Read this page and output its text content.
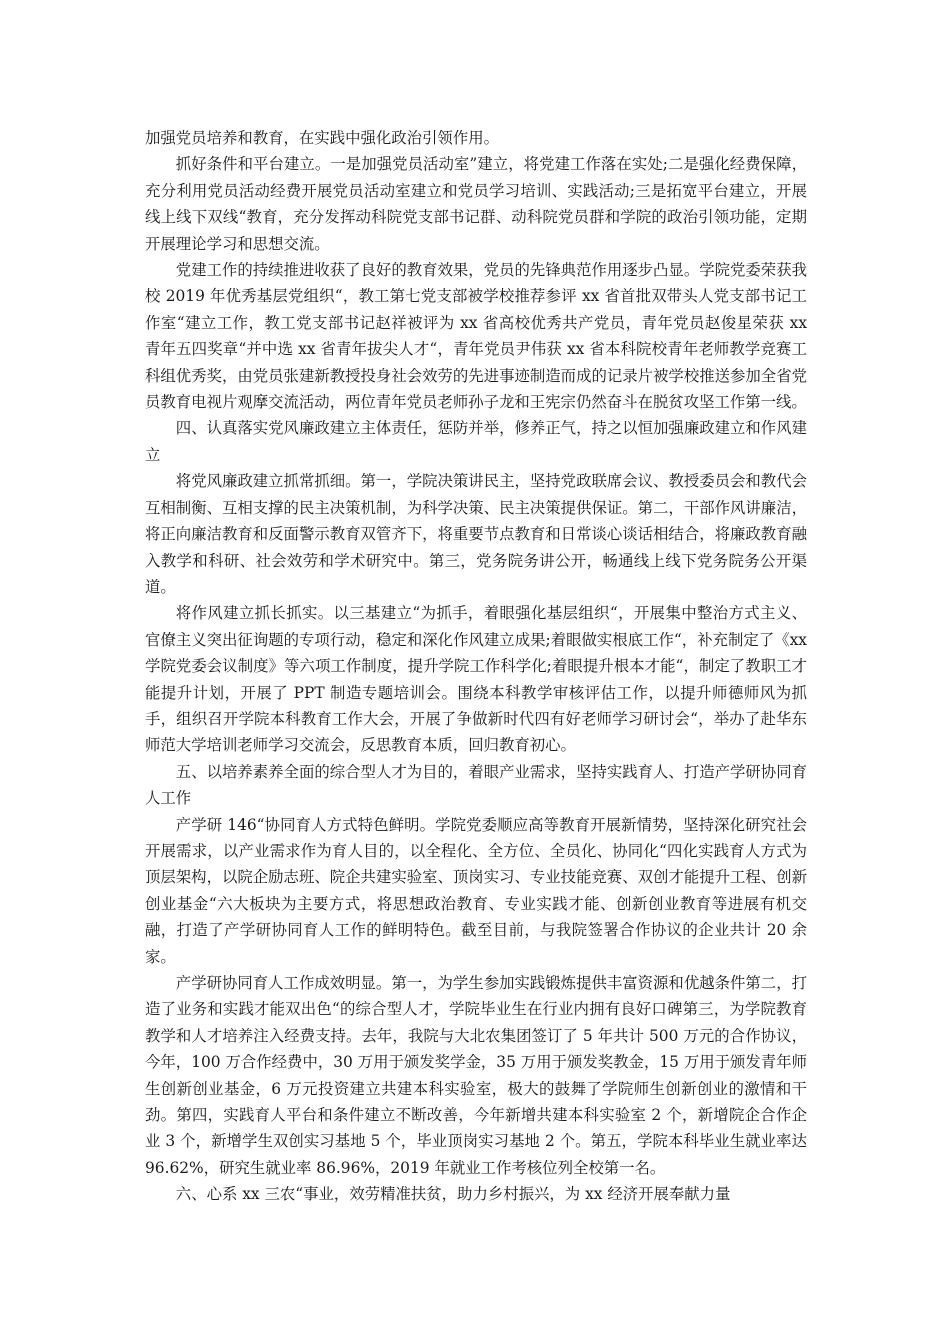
加强党员培养和教育，在实践中强化政治引领作用。

抓好条件和平台建立。一是加强党员活动室”建立，将党建工作落在实处;二是强化经费保障，充分利用党员活动经费开展党员活动室建立和党员学习培训、实践活动;三是拓宽平台建立，开展线上线下双线“教育，充分发挥动科院党支部书记群、动科院党员群和学院的政治引领功能，定期开展理论学习和思想交流。

党建工作的持续推进收获了良好的教育效果，党员的先锋典范作用逐步凸显。学院党委荣获我校 2019 年优秀基层党组织“，教工第七党支部被学校推荐参评 xx 省首批双带头人党支部书记工作室“建立工作，教工党支部书记赵祥被评为 xx 省高校优秀共产党员，青年党员赵俊星荣获 xx 青年五四奖章“并中选 xx 省青年拔尖人才“，青年党员尹伟获 xx 省本科院校青年老师教学竞赛工科组优秀奖，由党员张建新教授投身社会效劳的先进事迹制造而成的记录片被学校推送参加全省党员教育电视片观摩交流活动，两位青年党员老师孙子龙和王宪宗仍然奋斗在脱贫攻坚工作第一线。

四、认真落实党风廉政建立主体责任，惩防并举，修养正气，持之以恒加强廉政建立和作风建立

将党风廉政建立抓常抓细。第一，学院决策讲民主，坚持党政联席会议、教授委员会和教代会互相制衡、互相支撑的民主决策机制，为科学决策、民主决策提供保证。第二，干部作风讲廉洁，将正向廉洁教育和反面警示教育双管齐下，将重要节点教育和日常谈心谈话相结合，将廉政教育融入教学和科研、社会效劳和学术研究中。第三，党务院务讲公开，畅通线上线下党务院务公开渠道。

将作风建立抓长抓实。以三基建立“为抓手，着眼强化基层组织“，开展集中整治方式主义、官僚主义突出征询题的专项行动，稳定和深化作风建立成果;着眼做实根底工作“，补充制定了《xx 学院党委会议制度》等六项工作制度，提升学院工作科学化;着眼提升根本才能“，制定了教职工才能提升计划，开展了 PPT 制造专题培训会。围绕本科教学审核评估工作，以提升师德师风为抓手，组织召开学院本科教育工作大会，开展了争做新时代四有好老师学习研讨会“，举办了赴华东师范大学培训老师学习交流会，反思教育本质，回归教育初心。

五、以培养素养全面的综合型人才为目的，着眼产业需求，坚持实践育人、打造产学研协同育人工作

产学研 146“协同育人方式特色鲜明。学院党委顺应高等教育开展新情势，坚持深化研究社会开展需求，以产业需求作为育人目的，以全程化、全方位、全员化、协同化“四化实践育人方式为顶层架构，以院企励志班、院企共建实验室、顶岗实习、专业技能竞赛、双创才能提升工程、创新创业基金“六大板块为主要方式，将思想政治教育、专业实践才能、创新创业教育等进展有机交融，打造了产学研协同育人工作的鲜明特色。截至目前，与我院签署合作协议的企业共计 20 余家。

产学研协同育人工作成效明显。第一，为学生参加实践锻炼提供丰富资源和优越条件第二，打造了业务和实践才能双出色“的综合型人才，学院毕业生在行业内拥有良好口碑第三，为学院教育教学和人才培养注入经费支持。去年，我院与大北农集团签订了 5 年共计 500 万元的合作协议，今年，100 万合作经费中，30 万用于颁发奖学金，35 万用于颁发奖教金，15 万用于颁发青年师生创新创业基金，6 万元投资建立共建本科实验室，极大的鼓舞了学院师生创新创业的激情和干劲。第四，实践育人平台和条件建立不断改善，今年新增共建本科实验室 2 个，新增院企合作企业 3 个，新增学生双创实习基地 5 个，毕业顶岗实习基地 2 个。第五，学院本科毕业生就业率达 96.62%，研究生就业率 86.96%，2019 年就业工作考核位列全校第一名。

六、心系 xx 三农“事业，效劳精准扶贫，助力乡村振兴，为 xx 经济开展奉献力量
